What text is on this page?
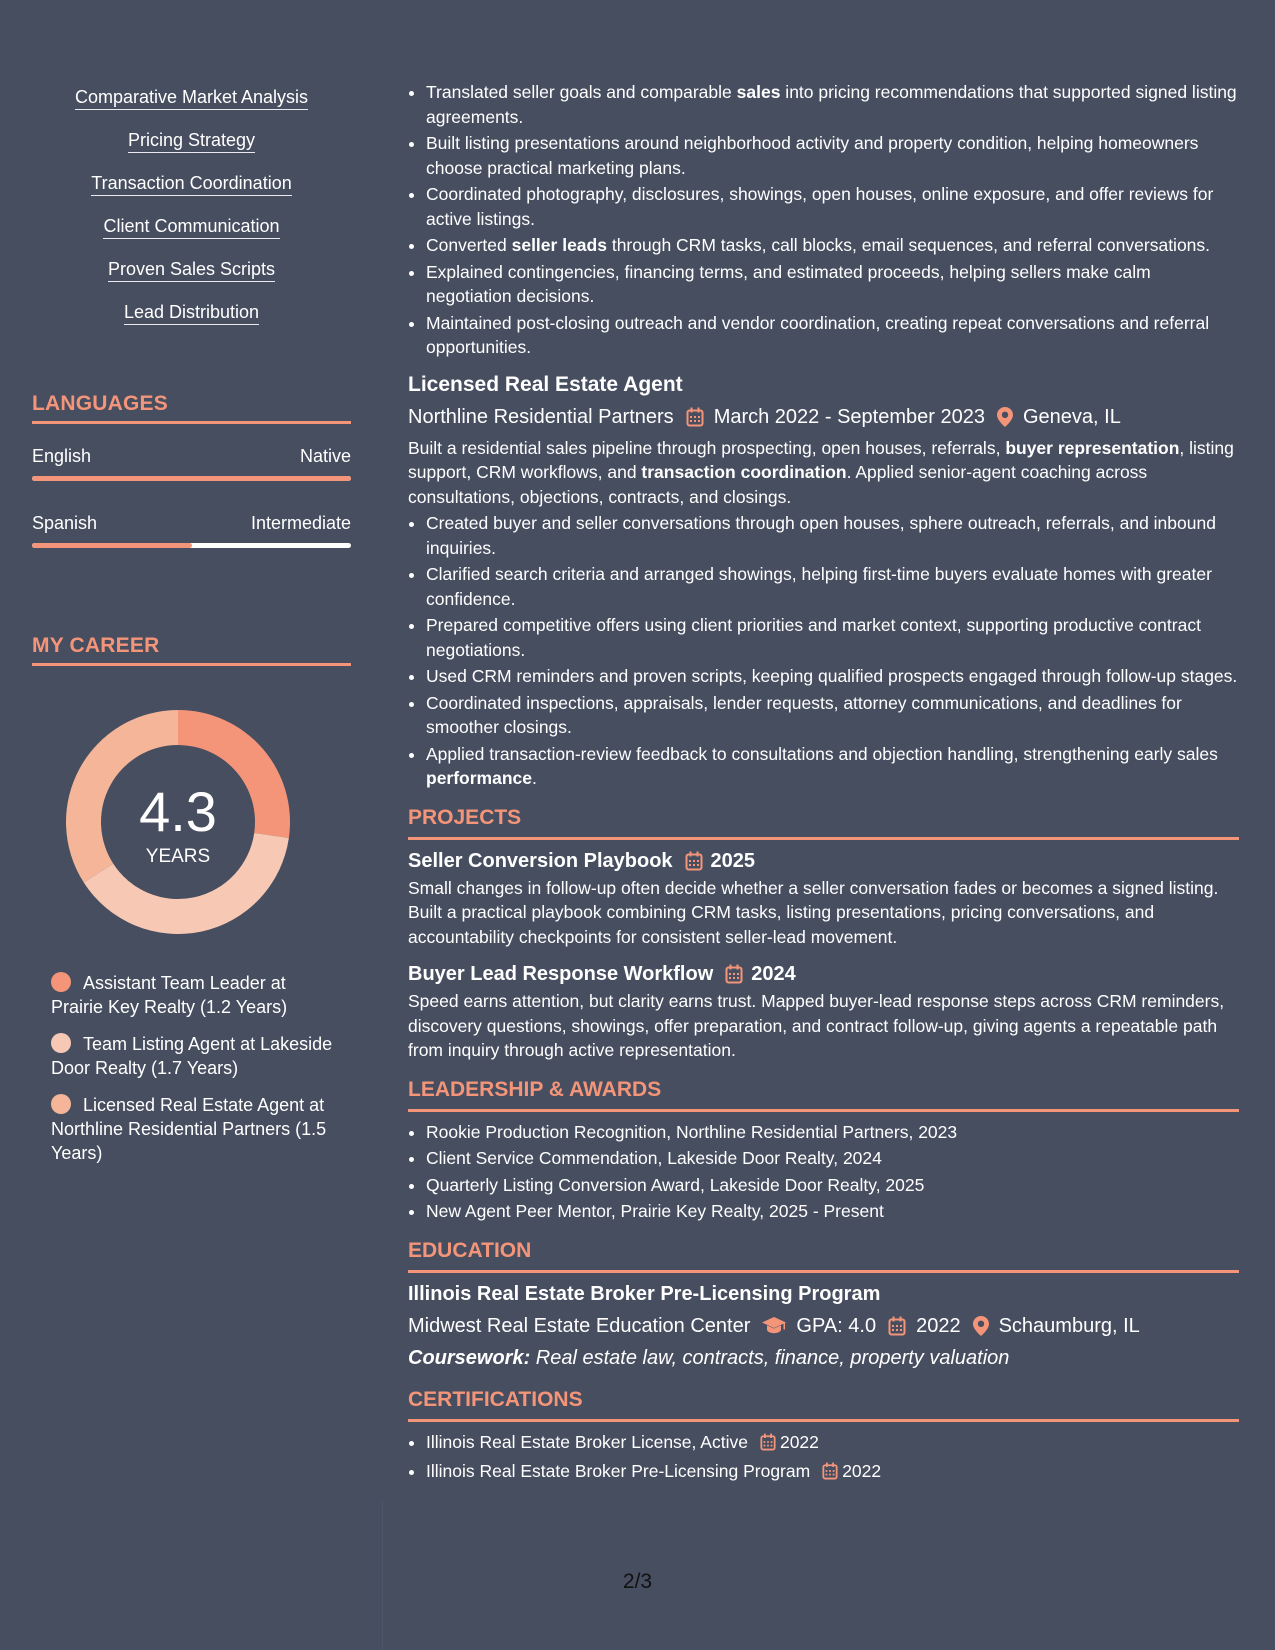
Comparative Market Analysis
Pricing Strategy
Transaction Coordination
Client Communication
Proven Sales Scripts
Lead Distribution
LANGUAGES
English	Native
Spanish	Intermediate
MY CAREER
4.3
YEARS
Assistant Team Leader at Prairie Key Realty (1.2 Years)
Team Listing Agent at Lakeside Door Realty (1.7 Years)
Licensed Real Estate Agent at Northline Residential Partners (1.5 Years)
• Translated seller goals and comparable sales into pricing recommendations that supported signed listing agreements.
• Built listing presentations around neighborhood activity and property condition, helping homeowners choose practical marketing plans.
• Coordinated photography, disclosures, showings, open houses, online exposure, and offer reviews for active listings.
• Converted seller leads through CRM tasks, call blocks, email sequences, and referral conversations.
• Explained contingencies, financing terms, and estimated proceeds, helping sellers make calm negotiation decisions.
• Maintained post-closing outreach and vendor coordination, creating repeat conversations and referral opportunities.
Licensed Real Estate Agent
Northline Residential Partners March 2022 - September 2023 Geneva, IL
Built a residential sales pipeline through prospecting, open houses, referrals, buyer representation, listing support, CRM workflows, and transaction coordination. Applied senior-agent coaching across consultations, objections, contracts, and closings.
• Created buyer and seller conversations through open houses, sphere outreach, referrals, and inbound inquiries.
• Clarified search criteria and arranged showings, helping first-time buyers evaluate homes with greater confidence.
• Prepared competitive offers using client priorities and market context, supporting productive contract negotiations.
• Used CRM reminders and proven scripts, keeping qualified prospects engaged through follow-up stages.
• Coordinated inspections, appraisals, lender requests, attorney communications, and deadlines for smoother closings.
• Applied transaction-review feedback to consultations and objection handling, strengthening early sales performance.
PROJECTS
Seller Conversion Playbook 2025
Small changes in follow-up often decide whether a seller conversation fades or becomes a signed listing. Built a practical playbook combining CRM tasks, listing presentations, pricing conversations, and accountability checkpoints for consistent seller-lead movement.
Buyer Lead Response Workflow 2024
Speed earns attention, but clarity earns trust. Mapped buyer-lead response steps across CRM reminders, discovery questions, showings, offer preparation, and contract follow-up, giving agents a repeatable path from inquiry through active representation.
LEADERSHIP & AWARDS
• Rookie Production Recognition, Northline Residential Partners, 2023
• Client Service Commendation, Lakeside Door Realty, 2024
• Quarterly Listing Conversion Award, Lakeside Door Realty, 2025
• New Agent Peer Mentor, Prairie Key Realty, 2025 - Present
EDUCATION
Illinois Real Estate Broker Pre-Licensing Program
Midwest Real Estate Education Center GPA: 4.0 2022 Schaumburg, IL
Coursework: Real estate law, contracts, finance, property valuation
CERTIFICATIONS
• Illinois Real Estate Broker License, Active 2022
• Illinois Real Estate Broker Pre-Licensing Program 2022
2/3
